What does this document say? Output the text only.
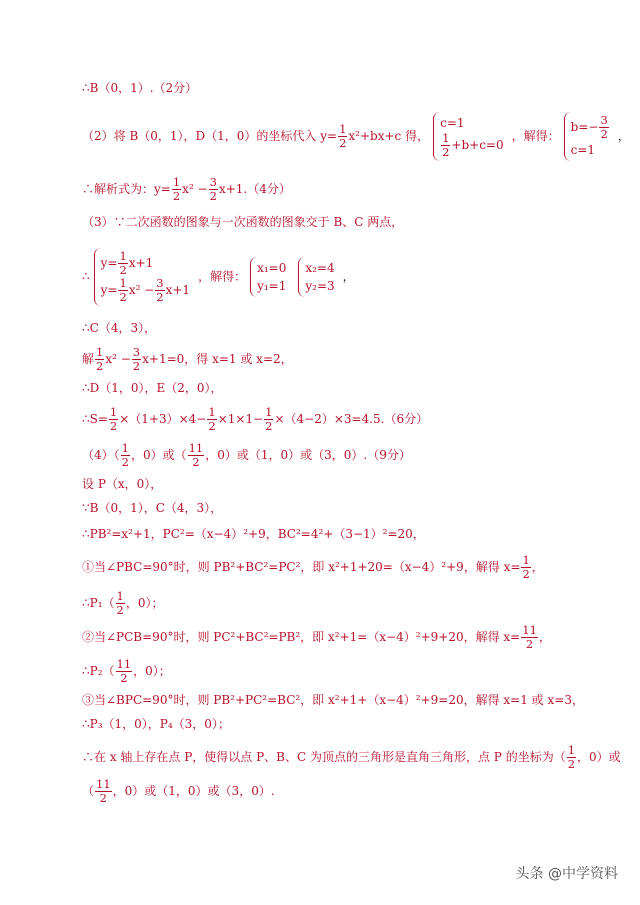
∴B（0，1）.（2分）
（2）将 B（0，1），D（1，0）的坐标代入 $y= \frac{1}{2} x^2+bx+c$ 得，
c=1
$\frac{1}{2} +b+c=0$
，解得：
$b=- \frac{3}{2}$
c=1
，
∴解析式为：$y= \frac{1}{2} x^2 - \frac{3}{2} x+1.(4$分）
（3）∵二次函数的图象与一次函数的图象交于 B、C 两点，
∴
$y= \frac{1}{2} x+1$
$y= \frac{1}{2} x^2 - \frac{3}{2} x+1$
，解得：
x₁=0
y₁=1
x₂=4
y₂=3
，
∴C（4，3），
解 $\frac{1}{2} x^2 - \frac{3}{2} x+1=0$，得 x=1 或 x=2，
∴D（1，0），E（2，0），
∴S= $\frac{1}{2} \times(1+3)\times 4- \frac{1}{2} \times 1\times 1- \frac{1}{2} \times(4-2)\times 3=4.5.(6$分）
$(4)( \frac{1}{2}$ ，0）或（ $\frac{11}{2}$ ，0）或（1，0）或（3，0）.（9分）
设 P（x，0），
∵B（0，1），C（4，3），
∴PB²=x²+1，PC²=（x−4）²+9，BC²=4²+（3−1）²=20，
①当∠PBC=90°时，则 PB²+BC²=PC²，即 x²+1+20=（x−4）²+9，解得 $x= \frac{1}{2}$ ，
∴P₁（ $\frac{1}{2}$ ，0）；
②当∠PCB=90°时，则 PC²+BC²=PB²，即 x²+1=（x−4）²+9+20，解得 $x= \frac{11}{2}$ ，
∴P₂（ $\frac{11}{2}$ ，0）；
③当∠BPC=90°时，则 PB²+PC²=BC²，即 x²+1+（x−4）²+9=20，解得 x=1 或 x=3，
∴P₃（1，0），P₄（3，0）；
∴在 x 轴上存在点 P，使得以点 P、B、C 为顶点的三角形是直角三角形，点 P 的坐标为（ $\frac{1}{2}$ ，0）或
（ $\frac{11}{2}$ ，0）或（1，0）或（3，0）.
头条 @中学资料
